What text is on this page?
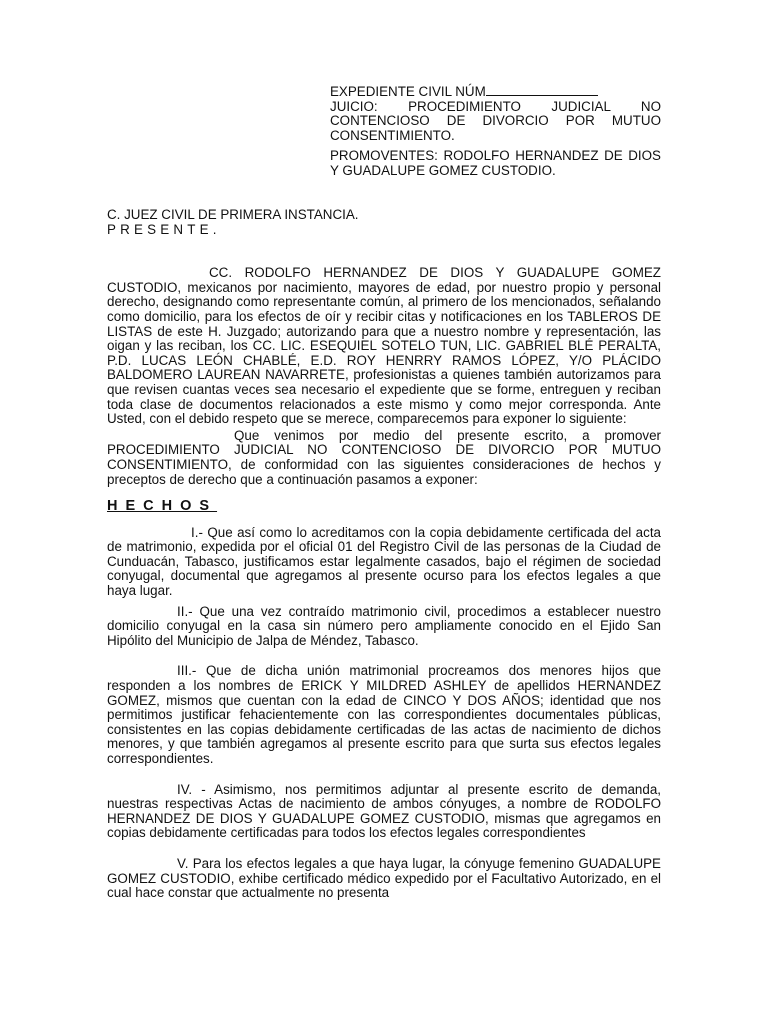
EXPEDIENTE CIVIL NÚM

JUICIO: PROCEDIMIENTO JUDICIAL NO CONTENCIOSO DE DIVORCIO POR MUTUO CONSENTIMIENTO.

PROMOVENTES: RODOLFO HERNANDEZ DE DIOS Y GUADALUPE GOMEZ CUSTODIO.

C. JUEZ CIVIL DE PRIMERA INSTANCIA.

PRESENTE.

CC. RODOLFO HERNANDEZ DE DIOS Y GUADALUPE GOMEZ CUSTODIO, mexicanos por nacimiento, mayores de edad, por nuestro propio y personal derecho, designando como representante común, al primero de los mencionados, señalando como domicilio, para los efectos de oír y recibir citas y notificaciones en los TABLEROS DE LISTAS de este H. Juzgado; autorizando para que a nuestro nombre y representación, las oigan y las reciban, los CC. LIC. ESEQUIEL SOTELO TUN, LIC. GABRIEL BLÉ PERALTA, P.D. LUCAS LEÓN CHABLÉ, E.D. ROY HENRRY RAMOS LÓPEZ, Y/O PLÁCIDO BALDOMERO LAUREAN NAVARRETE, profesionistas a quienes también autorizamos para que revisen cuantas veces sea necesario el expediente que se forme, entreguen y reciban toda clase de documentos relacionados a este mismo y como mejor corresponda. Ante Usted, con el debido respeto que se merece, comparecemos para exponer lo siguiente:

Que venimos por medio del presente escrito, a promover PROCEDIMIENTO JUDICIAL NO CONTENCIOSO DE DIVORCIO POR MUTUO CONSENTIMIENTO, de conformidad con las siguientes consideraciones de hechos y preceptos de derecho que a continuación pasamos a exponer:

HECHOS

I.- Que así como lo acreditamos con la copia debidamente certificada del acta de matrimonio, expedida por el oficial 01 del Registro Civil de las personas de la Ciudad de Cunduacán, Tabasco, justificamos estar legalmente casados, bajo el régimen de sociedad conyugal, documental que agregamos al presente ocurso para los efectos legales a que haya lugar.

II.- Que una vez contraído matrimonio civil, procedimos a establecer nuestro domicilio conyugal en la casa sin número pero ampliamente conocido en el Ejido San Hipólito del Municipio de Jalpa de Méndez, Tabasco.

III.- Que de dicha unión matrimonial procreamos dos menores hijos que responden a los nombres de ERICK Y MILDRED ASHLEY de apellidos HERNANDEZ GOMEZ, mismos que cuentan con la edad de CINCO Y DOS AÑOS; identidad que nos permitimos justificar fehacientemente con las correspondientes documentales públicas, consistentes en las copias debidamente certificadas de las actas de nacimiento de dichos menores, y que también agregamos al presente escrito para que surta sus efectos legales correspondientes.

IV. - Asimismo, nos permitimos adjuntar al presente escrito de demanda, nuestras respectivas Actas de nacimiento de ambos cónyuges, a nombre de RODOLFO HERNANDEZ DE DIOS Y GUADALUPE GOMEZ CUSTODIO, mismas que agregamos en copias debidamente certificadas para todos los efectos legales correspondientes

V. Para los efectos legales a que haya lugar, la cónyuge femenino GUADALUPE GOMEZ CUSTODIO, exhibe certificado médico expedido por el Facultativo Autorizado, en el cual hace constar que actualmente no presenta
